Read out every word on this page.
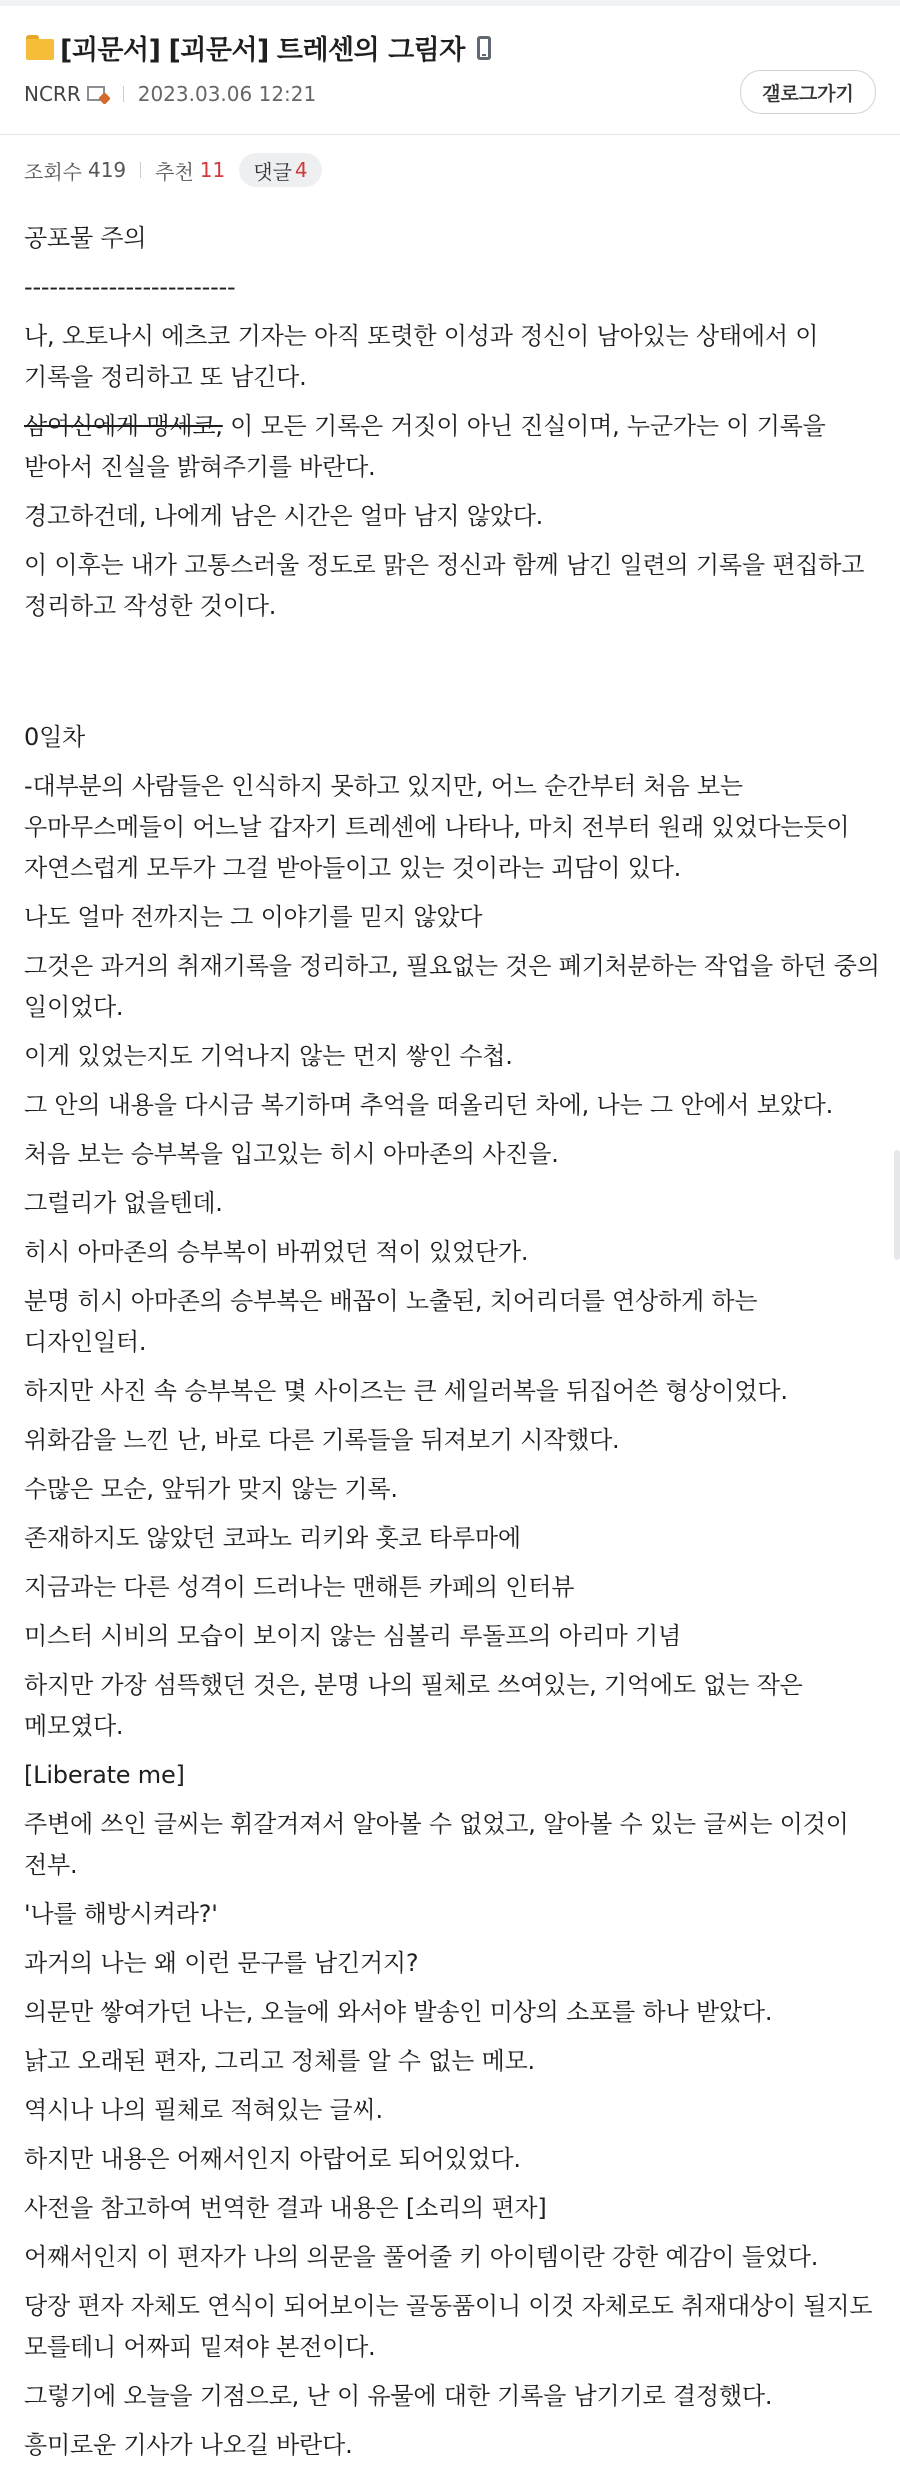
[괴문서] [괴문서] 트레센의 그림자
NCRR	2023.03.06 12:21	갤로그가기
조회수 419 추천 11 댓글 4

공포물 주의

-------------------------

나, 오토나시 에츠코 기자는 아직 또렷한 이성과 정신이 남아있는 상태에서 이 기록을 정리하고 또 남긴다.

삼여신에게 맹세코, 이 모든 기록은 거짓이 아닌 진실이며, 누군가는 이 기록을 받아서 진실을 밝혀주기를 바란다.

경고하건데, 나에게 남은 시간은 얼마 남지 않았다.

이 이후는 내가 고통스러울 정도로 맑은 정신과 함께 남긴 일련의 기록을 편집하고 정리하고 작성한 것이다.

0일차

-대부분의 사람들은 인식하지 못하고 있지만, 어느 순간부터 처음 보는 우마무스메들이 어느날 갑자기 트레센에 나타나, 마치 전부터 원래 있었다는듯이 자연스럽게 모두가 그걸 받아들이고 있는 것이라는 괴담이 있다.

나도 얼마 전까지는 그 이야기를 믿지 않았다

그것은 과거의 취재기록을 정리하고, 필요없는 것은 폐기처분하는 작업을 하던 중의 일이었다.

이게 있었는지도 기억나지 않는 먼지 쌓인 수첩.

그 안의 내용을 다시금 복기하며 추억을 떠올리던 차에, 나는 그 안에서 보았다.

처음 보는 승부복을 입고있는 히시 아마존의 사진을.

그럴리가 없을텐데.

히시 아마존의 승부복이 바뀌었던 적이 있었단가.

분명 히시 아마존의 승부복은 배꼽이 노출된, 치어리더를 연상하게 하는 디자인일터.

하지만 사진 속 승부복은 몇 사이즈는 큰 세일러복을 뒤집어쓴 형상이었다.

위화감을 느낀 난, 바로 다른 기록들을 뒤져보기 시작했다.

수많은 모순, 앞뒤가 맞지 않는 기록.

존재하지도 않았던 코파노 리키와 홋코 타루마에

지금과는 다른 성격이 드러나는 맨해튼 카페의 인터뷰

미스터 시비의 모습이 보이지 않는 심볼리 루돌프의 아리마 기념

하지만 가장 섬뜩했던 것은, 분명 나의 필체로 쓰여있는, 기억에도 없는 작은 메모였다.

[Liberate me]

주변에 쓰인 글씨는 휘갈겨져서 알아볼 수 없었고, 알아볼 수 있는 글씨는 이것이 전부.

'나를 해방시켜라?'

과거의 나는 왜 이런 문구를 남긴거지?

의문만 쌓여가던 나는, 오늘에 와서야 발송인 미상의 소포를 하나 받았다.

낡고 오래된 편자, 그리고 정체를 알 수 없는 메모.

역시나 나의 필체로 적혀있는 글씨.

하지만 내용은 어째서인지 아랍어로 되어있었다.

사전을 참고하여 번역한 결과 내용은 [소리의 편자]

어째서인지 이 편자가 나의 의문을 풀어줄 키 아이템이란 강한 예감이 들었다.

당장 편자 자체도 연식이 되어보이는 골동품이니 이것 자체로도 취재대상이 될지도 모를테니 어짜피 밑져야 본전이다.

그렇기에 오늘을 기점으로, 난 이 유물에 대한 기록을 남기기로 결정했다.

흥미로운 기사가 나오길 바란다.
